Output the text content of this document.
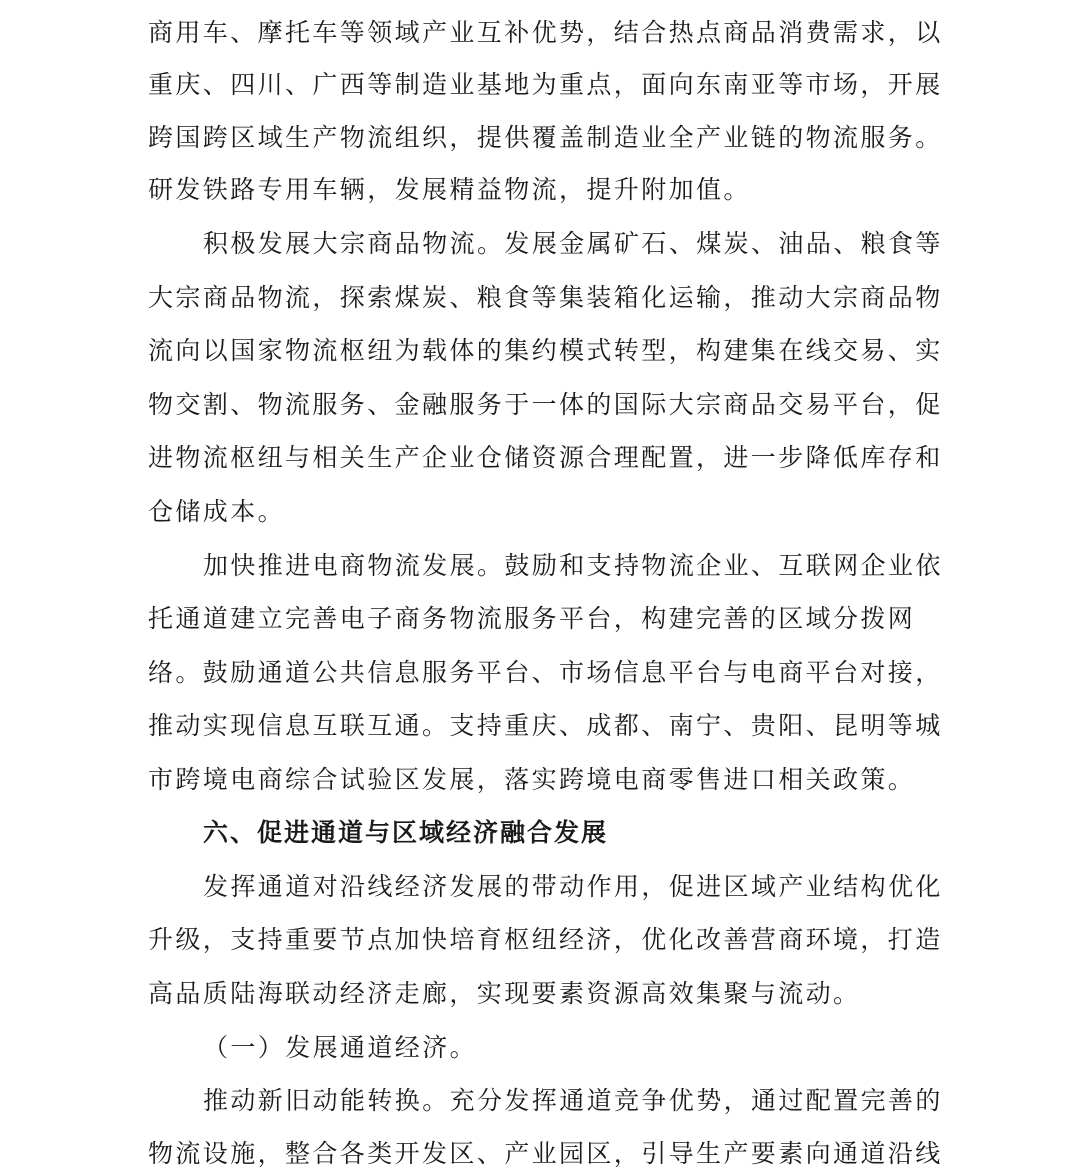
商用车、摩托车等领域产业互补优势，结合热点商品消费需求，以
重庆、四川、广西等制造业基地为重点，面向东南亚等市场，开展
跨国跨区域生产物流组织，提供覆盖制造业全产业链的物流服务。
研发铁路专用车辆，发展精益物流，提升附加值。
积极发展大宗商品物流。发展金属矿石、煤炭、油品、粮食等
大宗商品物流，探索煤炭、粮食等集装箱化运输，推动大宗商品物
流向以国家物流枢纽为载体的集约模式转型，构建集在线交易、实
物交割、物流服务、金融服务于一体的国际大宗商品交易平台，促
进物流枢纽与相关生产企业仓储资源合理配置，进一步降低库存和
仓储成本。
加快推进电商物流发展。鼓励和支持物流企业、互联网企业依
托通道建立完善电子商务物流服务平台，构建完善的区域分拨网
络。鼓励通道公共信息服务平台、市场信息平台与电商平台对接，
推动实现信息互联互通。支持重庆、成都、南宁、贵阳、昆明等城
市跨境电商综合试验区发展，落实跨境电商零售进口相关政策。
六、促进通道与区域经济融合发展
发挥通道对沿线经济发展的带动作用，促进区域产业结构优化
升级，支持重要节点加快培育枢纽经济，优化改善营商环境，打造
高品质陆海联动经济走廊，实现要素资源高效集聚与流动。
（一）发展通道经济。
推动新旧动能转换。充分发挥通道竞争优势，通过配置完善的
物流设施，整合各类开发区、产业园区，引导生产要素向通道沿线
